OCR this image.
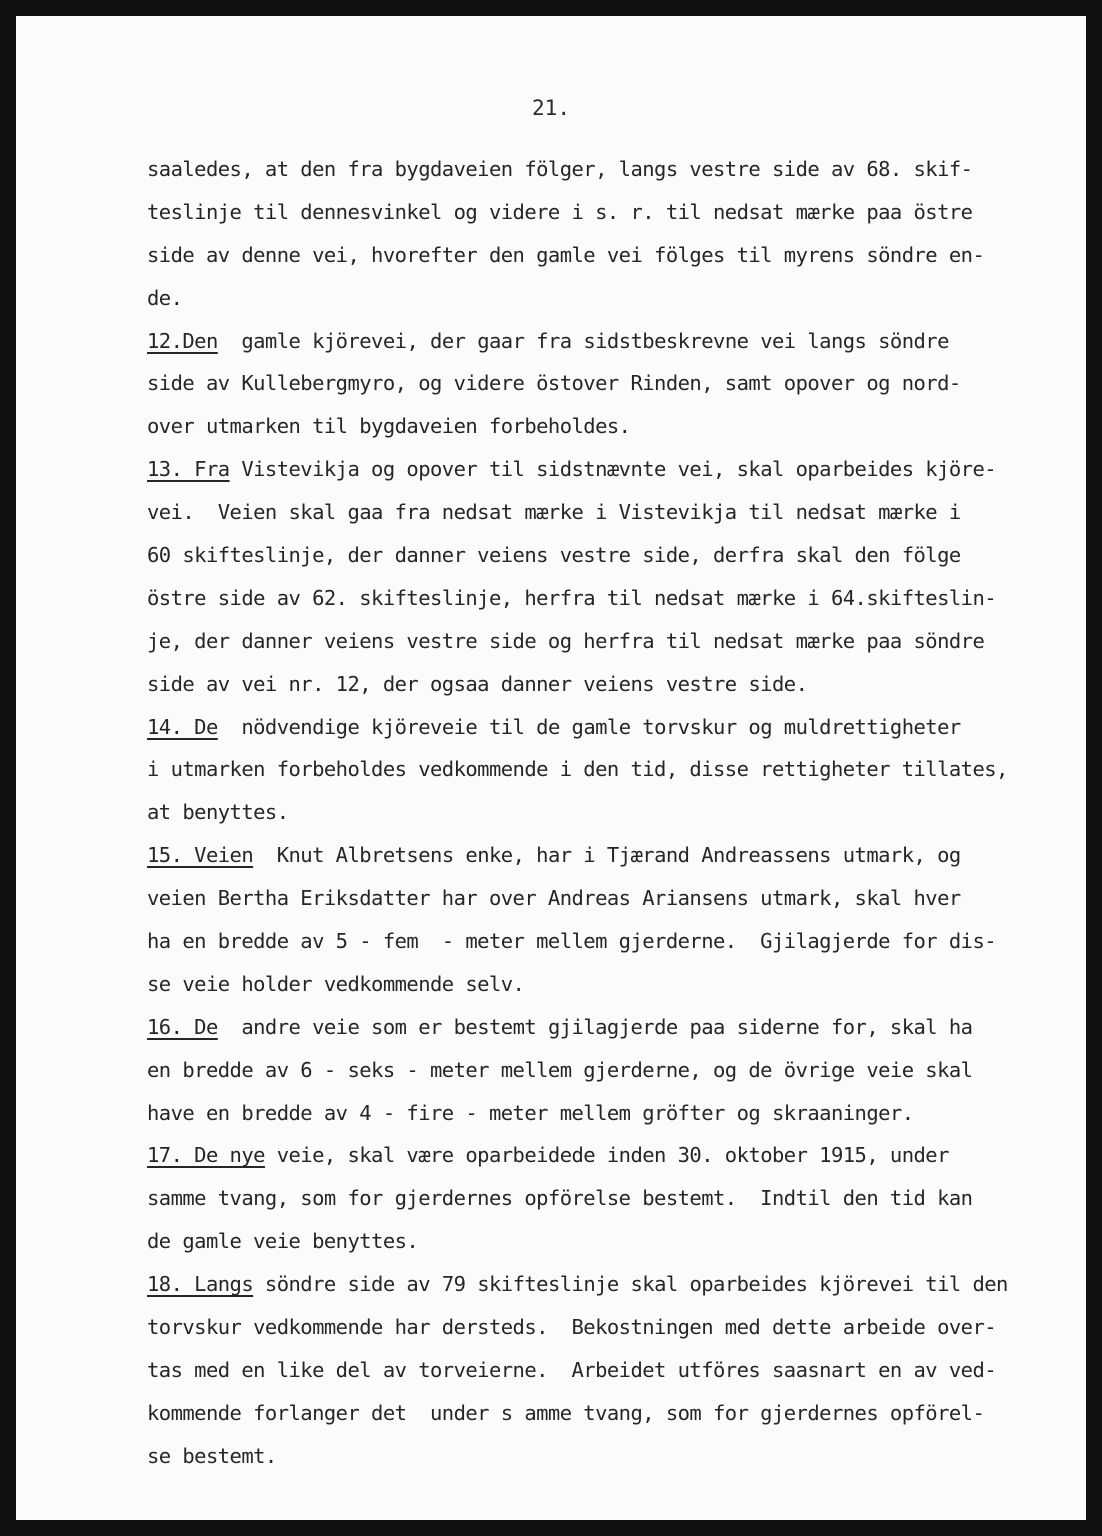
21.
saaledes, at den fra bygdaveien fölger, langs vestre side av 68. skif-
teslinje til dennesvinkel og videre i s. r. til nedsat mærke paa östre
side av denne vei, hvorefter den gamle vei fölges til myrens söndre en-
de.
12.Den  gamle kjörevei, der gaar fra sidstbeskrevne vei langs söndre
side av Kullebergmyro, og videre östover Rinden, samt opover og nord-
over utmarken til bygdaveien forbeholdes.
13. Fra Vistevikja og opover til sidstnævnte vei, skal oparbeides kjöre-
vei.  Veien skal gaa fra nedsat mærke i Vistevikja til nedsat mærke i
60 skifteslinje, der danner veiens vestre side, derfra skal den fölge
östre side av 62. skifteslinje, herfra til nedsat mærke i 64.skifteslin-
je, der danner veiens vestre side og herfra til nedsat mærke paa söndre
side av vei nr. 12, der ogsaa danner veiens vestre side.
14. De  nödvendige kjöreveie til de gamle torvskur og muldrettigheter
i utmarken forbeholdes vedkommende i den tid, disse rettigheter tillates,
at benyttes.
15. Veien  Knut Albretsens enke, har i Tjærand Andreassens utmark, og
veien Bertha Eriksdatter har over Andreas Ariansens utmark, skal hver
ha en bredde av 5 - fem  - meter mellem gjerderne.  Gjilagjerde for dis-
se veie holder vedkommende selv.
16. De  andre veie som er bestemt gjilagjerde paa siderne for, skal ha
en bredde av 6 - seks - meter mellem gjerderne, og de övrige veie skal
have en bredde av 4 - fire - meter mellem gröfter og skraaninger.
17. De nye veie, skal være oparbeidede inden 30. oktober 1915, under
samme tvang, som for gjerdernes opförelse bestemt.  Indtil den tid kan
de gamle veie benyttes.
18. Langs söndre side av 79 skifteslinje skal oparbeides kjörevei til den
torvskur vedkommende har dersteds.  Bekostningen med dette arbeide over-
tas med en like del av torveierne.  Arbeidet utföres saasnart en av ved-
kommende forlanger det  under s amme tvang, som for gjerdernes opförel-
se bestemt.
